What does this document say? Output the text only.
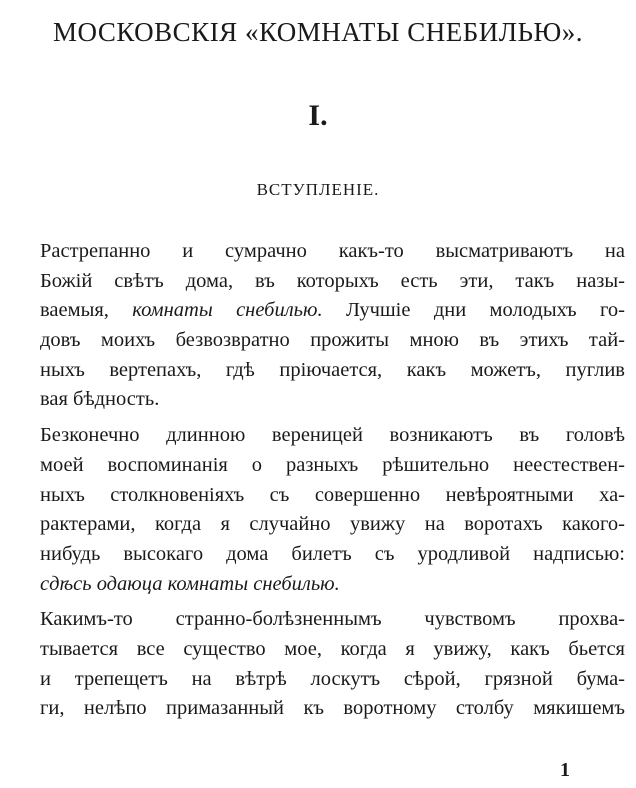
МОСКОВСКІЯ «КОМНАТЫ СНЕБИЛЬЮ».
I.
ВСТУПЛЕНІЕ.
Растрепанно и сумрачно какъ-то высматриваютъ на
Божій свѣтъ дома, въ которыхъ есть эти, такъ назы-
ваемыя, комнаты снебилью. Лучшіе дни молодыхъ го-
довъ моихъ безвозвратно прожиты мною въ этихъ тай-
ныхъ вертепахъ, гдѣ пріючается, какъ можетъ, пуглив
вая бѣдность.
Безконечно длинною вереницей возникаютъ въ головѣ
моей воспоминанія о разныхъ рѣшительно неестествен-
ныхъ столкновеніяхъ съ совершенно невѣроятными ха-
рактерами, когда я случайно увижу на воротахъ какого-
нибудь высокаго дома билетъ съ уродливой надписью:
сдѣсь одаюца комнаты снебилью.
Какимъ-то странно-болѣзненнымъ чувствомъ прохва-
тывается все существо мое, когда я увижу, какъ бьется
и трепещетъ на вѣтрѣ лоскутъ сѣрой, грязной бума-
ги, нелѣпо примазанный къ воротному столбу мякишемъ
1
